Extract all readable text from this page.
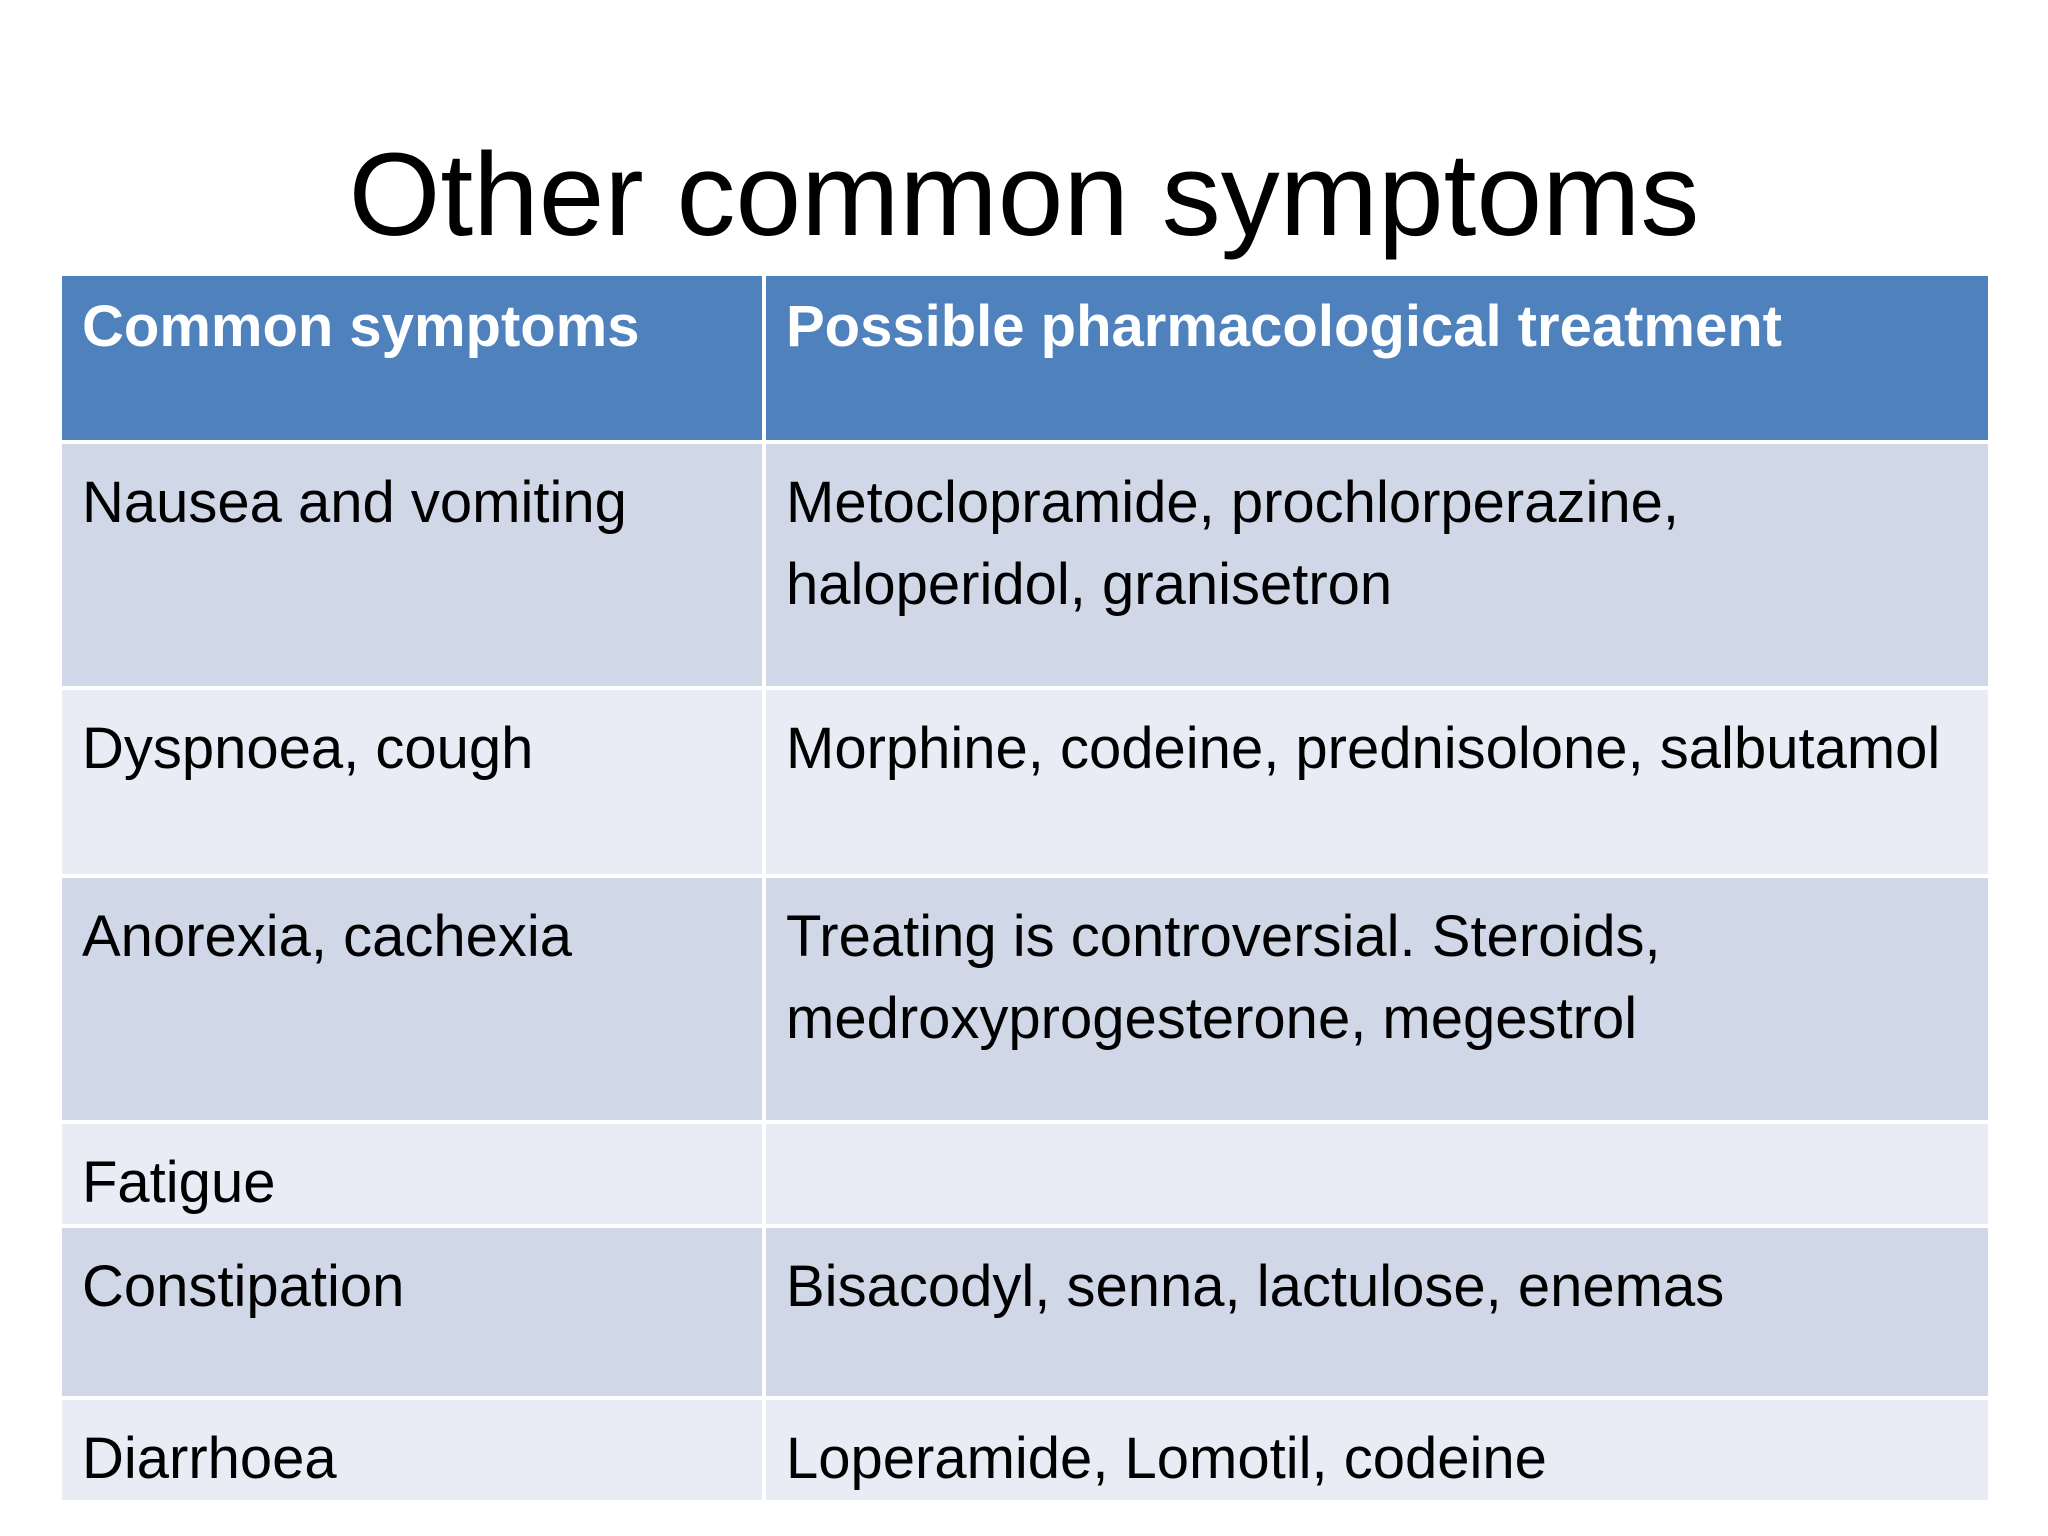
Other common symptoms
Common symptoms	Possible pharmacological treatment
Nausea and vomiting	Metoclopramide, prochlorperazine, haloperidol, granisetron
Dyspnoea, cough	Morphine, codeine, prednisolone, salbutamol
Anorexia, cachexia	Treating is controversial. Steroids, medroxyprogesterone, megestrol
Fatigue	
Constipation	Bisacodyl, senna, lactulose, enemas
Diarrhoea	Loperamide, Lomotil, codeine
